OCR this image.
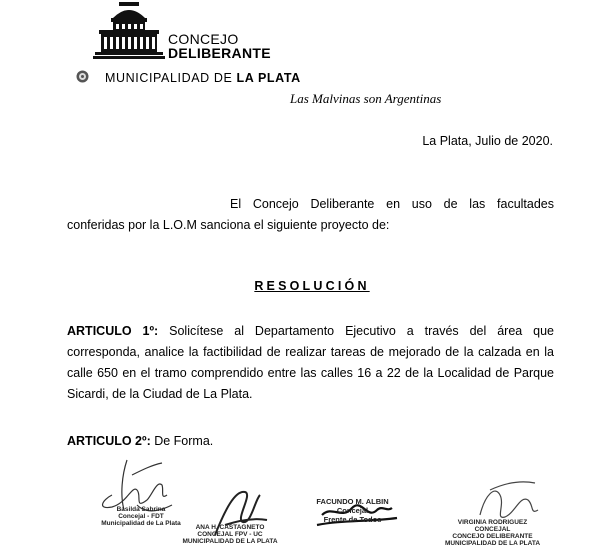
CONCEJO
DELIBERANTE
MUNICIPALIDAD DE LA PLATA
Las Malvinas son Argentinas
La Plata, Julio de 2020.
El Concejo Deliberante en uso de las facultades conferidas por la L.O.M sanciona el siguiente proyecto de:
RESOLUCIÓN
ARTICULO 1º: Solicítese al Departamento Ejecutivo a través del área que corresponda, analice la factibilidad de realizar tareas de mejorado de la calzada en la calle 650 en el tramo comprendido entre las calles 16 a 22 de la Localidad de Parque Sicardi, de la Ciudad de La Plata.
ARTICULO 2º: De Forma.
Basilda Sabrina
Concejal - FDT
Municipalidad de La Plata
ANA H. CASTAGNETO
CONCEJAL FPV - UC
MUNICIPALIDAD DE LA PLATA
FACUNDO M. ALBIN
Concejal
Frente de Todos	VIRGINIA RODRIGUEZ
CONCEJAL
CONCEJO DELIBERANTE
MUNICIPALIDAD DE LA PLATA
